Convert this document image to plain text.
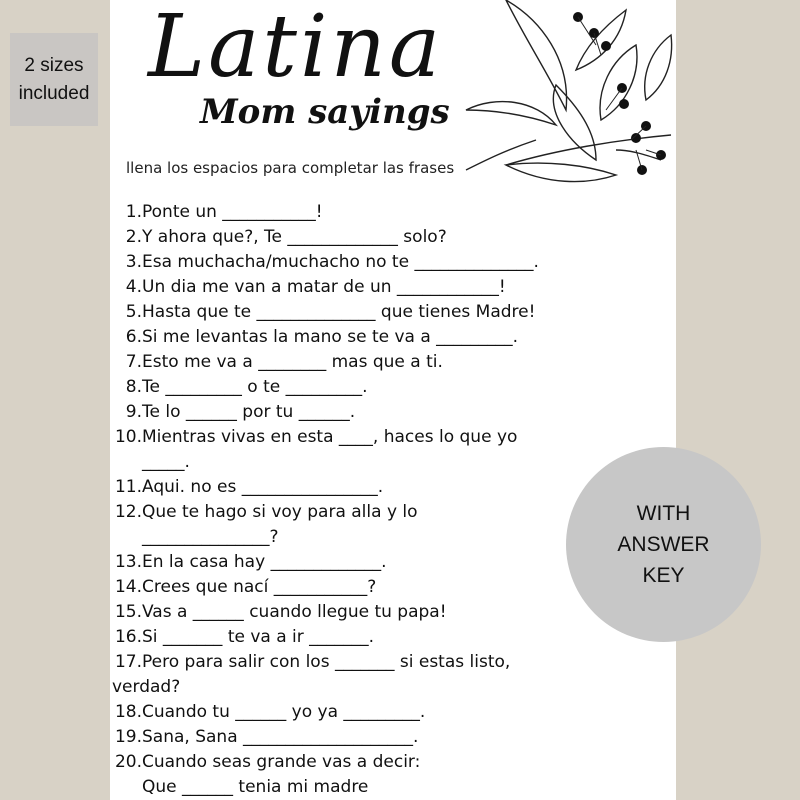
2 sizes
included Latina
Mom sayings
llena los espacios para completar las frases
1.Ponte un ___________!
2.Y ahora que?, Te _____________ solo?
3.Esa muchacha/muchacho no te ______________.
4.Un dia me van a matar de un ____________!
5.Hasta que te ______________ que tienes Madre!
6.Si me levantas la mano se te va a _________.
7.Esto me va a ________ mas que a ti.
8.Te _________ o te _________.
9.Te lo ______ por tu ______.
10.Mientras vivas en esta ____, haces lo que yo
_____.
11.Aqui. no es ________________.
12.Que te hago si voy para alla y lo
_______________?
13.En la casa hay _____________.
14.Crees que nací ___________?
15.Vas a ______ cuando llegue tu papa!
16.Si _______ te va a ir _______.
17.Pero para salir con los _______ si estas listo,
verdad?
18.Cuando tu ______ yo ya _________.
19.Sana, Sana ____________________.
20.Cuando seas grande vas a decir:
Que ______ tenia mi madre
WITH
ANSWER
KEY
